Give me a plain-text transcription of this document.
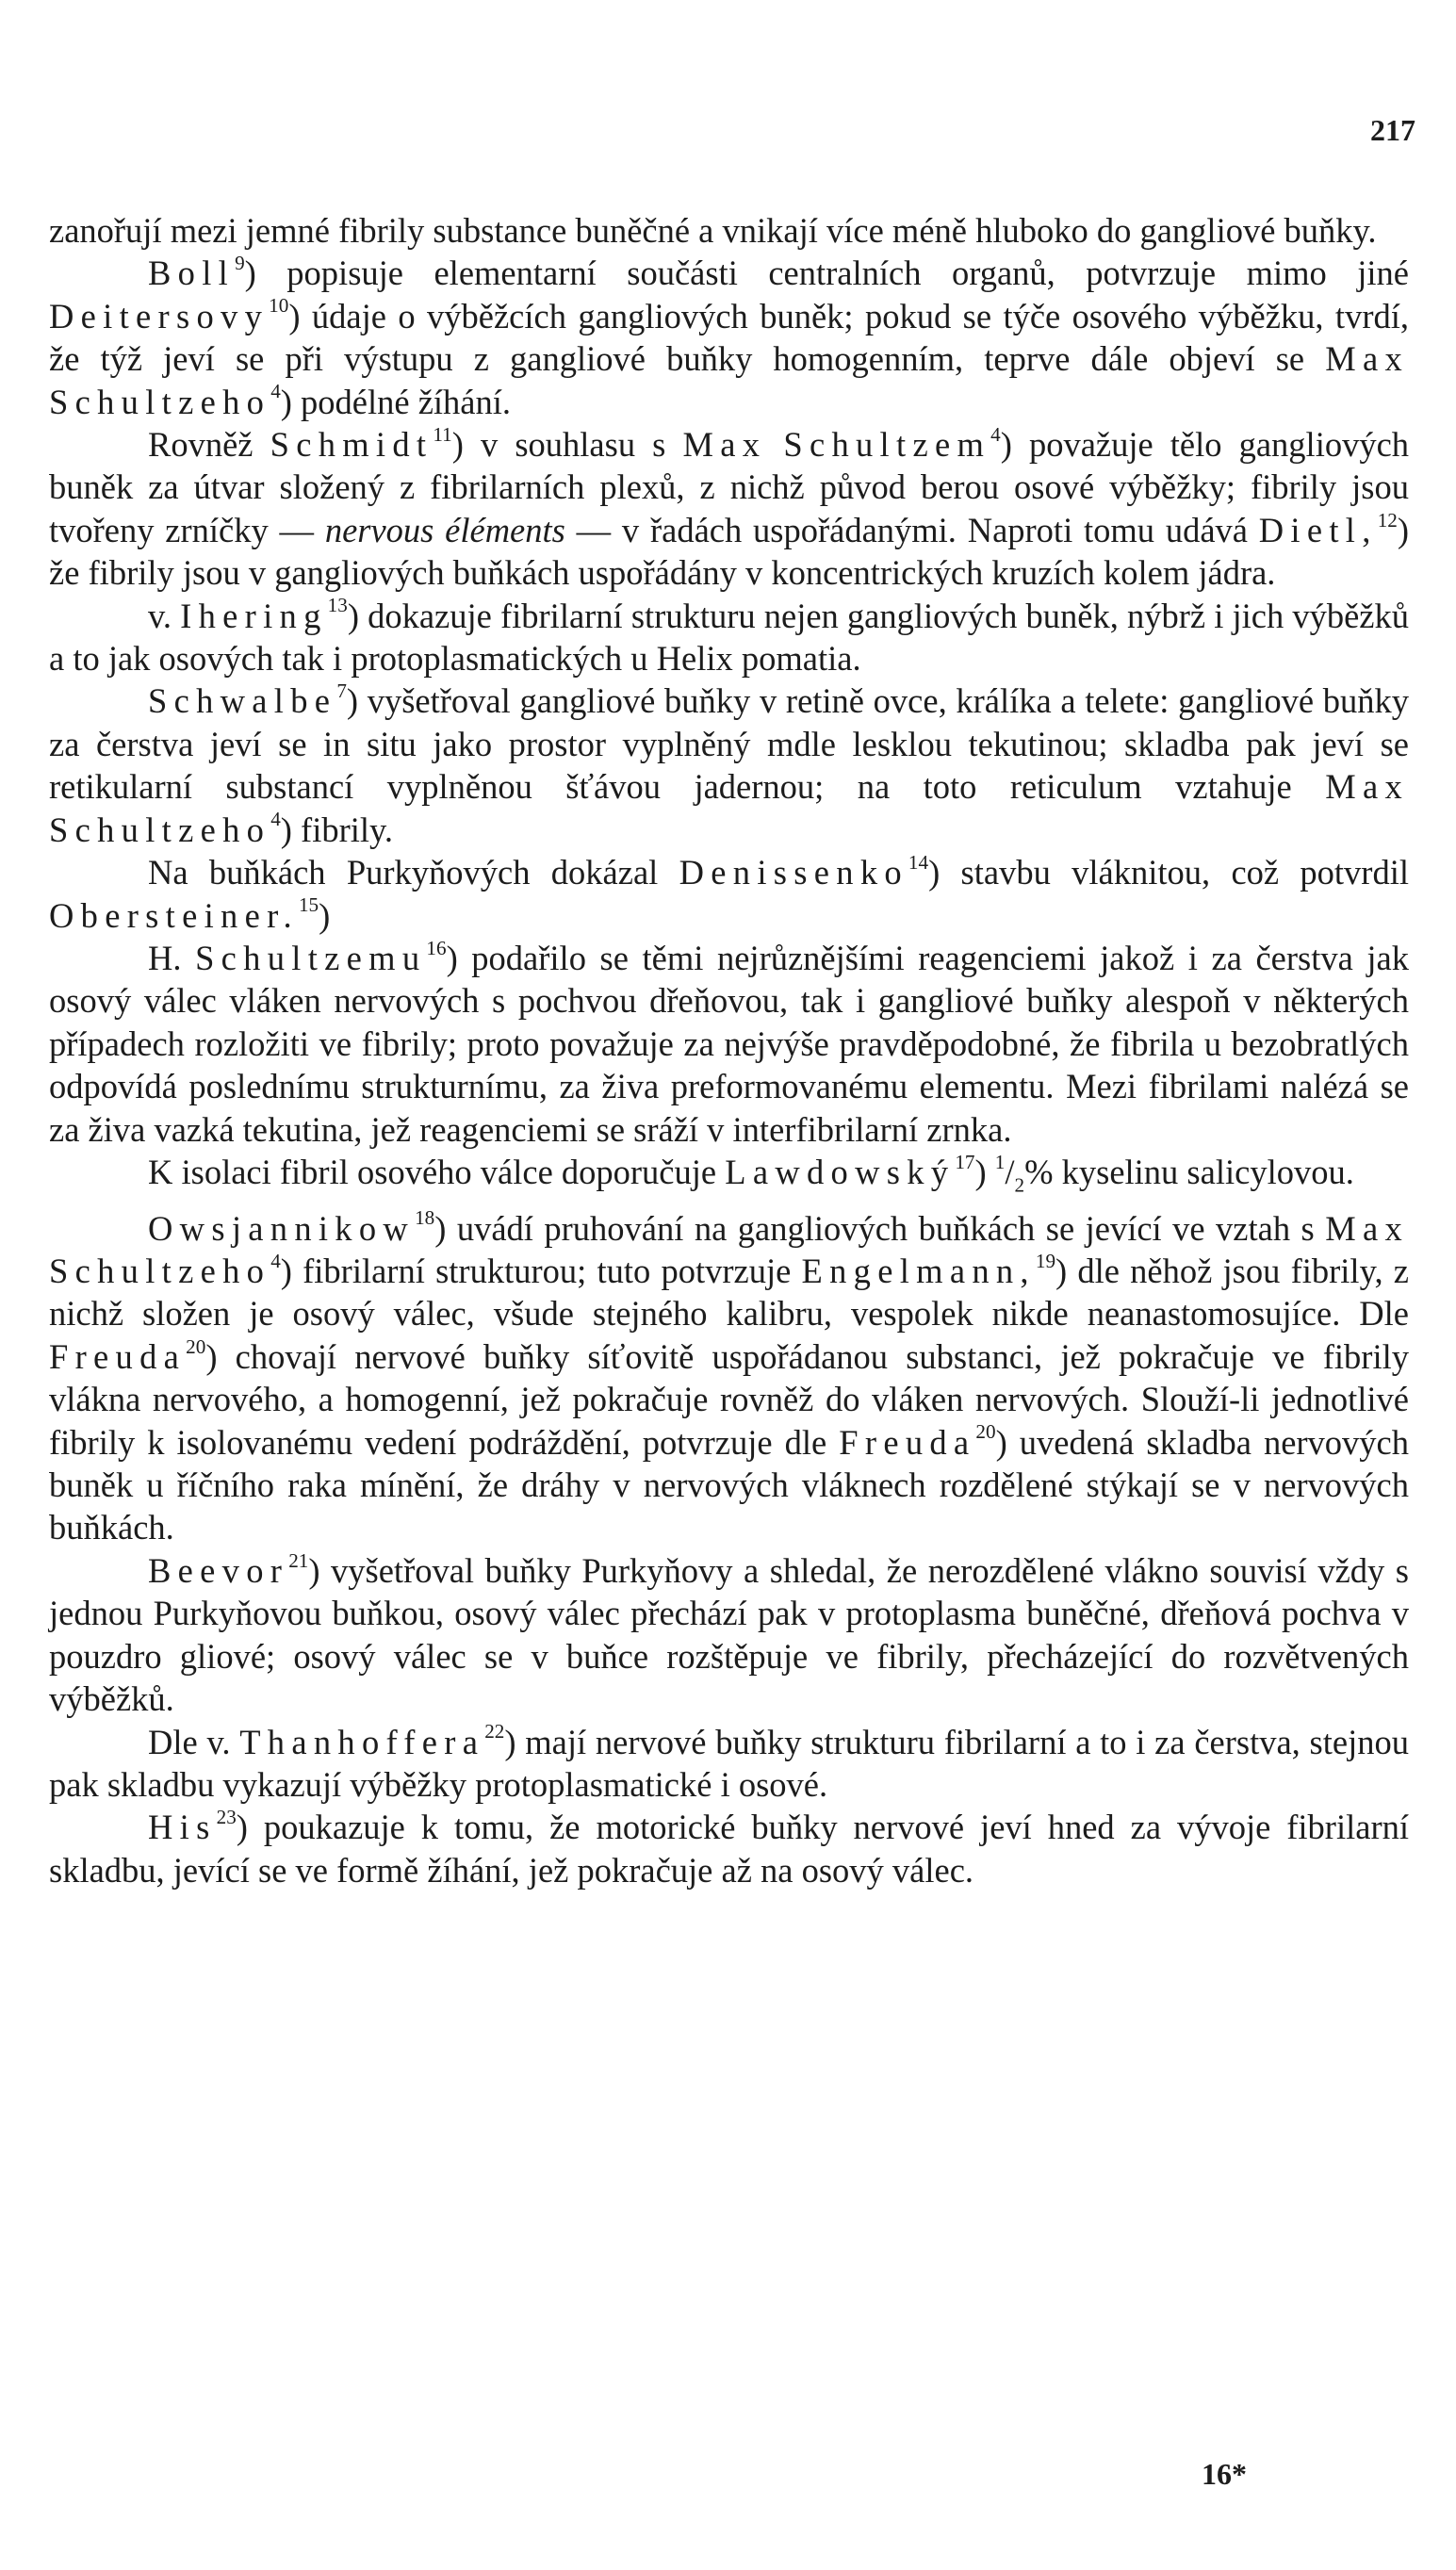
217

zanořují mezi jemné fibrily substance buněčné a vnikají více méně hluboko do gangliové buňky.

Boll$^9$) popisuje elementarní součásti centralních organů, potvrzuje mimo jiné Deitersovy$^{10}$) údaje o výběžcích gangliových buněk; pokud se týče osového výběžku, tvrdí, že týž jeví se při výstupu z gangliové buňky homogenním, teprve dále objeví se Max Schultzeho$^4$) podélné žíhání.

Rovněž Schmidt$^{11}$) v souhlasu s Max Schultzem$^4$) považuje tělo gangliových buněk za útvar složený z fibrilarních plexů, z nichž původ berou osové výběžky; fibrily jsou tvořeny zrníčky — nervous éléments — v řadách uspořádanými. Naproti tomu udává Dietl,$^{12}$) že fibrily jsou v gangliových buňkách uspořádány v koncentrických kruzích kolem jádra.

v. Ihering$^{13}$) dokazuje fibrilarní strukturu nejen gangliových buněk, nýbrž i jich výběžků a to jak osových tak i protoplasmatických u Helix pomatia.

Schwalbe$^7$) vyšetřoval gangliové buňky v retině ovce, králíka a telete: gangliové buňky za čerstva jeví se in situ jako prostor vyplněný mdle lesklou tekutinou; skladba pak jeví se retikularní substancí vyplněnou šťávou jadernou; na toto reticulum vztahuje Max Schultzeho$^4$) fibrily.

Na buňkách Purkyňových dokázal Denissenko$^{14}$) stavbu vláknitou, což potvrdil Obersteiner.$^{15}$)

H. Schultzemu$^{16}$) podařilo se těmi nejrůznějšími reagenciemi jakož i za čerstva jak osový válec vláken nervových s pochvou dřeňovou, tak i gangliové buňky alespoň v některých případech rozložiti ve fibrily; proto považuje za nejvýše pravděpodobné, že fibrila u bezobratlých odpovídá poslednímu strukturnímu, za živa preformovanému elementu. Mezi fibrilami nalézá se za živa vazká tekutina, jež reagenciemi se sráží v interfibrilarní zrnka.

K isolaci fibril osového válce doporučuje Lawdowský$^{17}$) $^1/_2\%$ kyselinu salicylovou.

Owsjannikow$^{18}$) uvádí pruhování na gangliových buňkách se jevící ve vztah s Max Schultzeho$^4$) fibrilarní strukturou; tuto potvrzuje Engelmann,$^{19}$) dle něhož jsou fibrily, z nichž složen je osový válec, všude stejného kalibru, vespolek nikde neanastomosujíce. Dle Freuda$^{20}$) chovají nervové buňky síťovitě uspořádanou substanci, jež pokračuje ve fibrily vlákna nervového, a homogenní, jež pokračuje rovněž do vláken nervových. Slouží-li jednotlivé fibrily k isolovanému vedení podráždění, potvrzuje dle Freuda$^{20}$) uvedená skladba nervových buněk u říčního raka mínění, že dráhy v nervových vláknech rozdělené stýkají se v nervových buňkách.

Beevor$^{21}$) vyšetřoval buňky Purkyňovy a shledal, že nerozdělené vlákno souvisí vždy s jednou Purkyňovou buňkou, osový válec přechází pak v protoplasma buněčné, dřeňová pochva v pouzdro gliové; osový válec se v buňce rozštěpuje ve fibrily, přecházející do rozvětvených výběžků.

Dle v. Thanhoffera$^{22}$) mají nervové buňky strukturu fibrilarní a to i za čerstva, stejnou pak skladbu vykazují výběžky protoplasmatické i osové.

His$^{23}$) poukazuje k tomu, že motorické buňky nervové jeví hned za vývoje fibrilarní skladbu, jevící se ve formě žíhání, jež pokračuje až na osový válec.

16*
